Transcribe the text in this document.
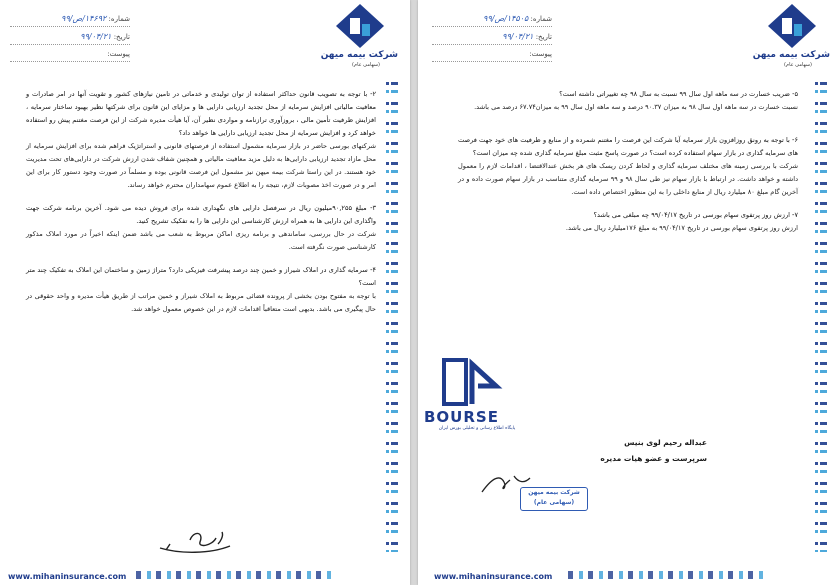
شرکت بیمه میهن
(سهامی عام)
شماره: ۱۴۶۹۲/ص/۹۹
تاریخ: ۹۹/۰۴/۲۱
پیوست:

۲- با توجه به تصویب قانون حداکثر استفاده از توان تولیدی و خدماتی در تامین نیازهای کشور و تقویت آنها در امر صادرات و معافیت مالیاتی افزایش سرمایه از محل تجدید ارزیابی دارایی ها و مزایای این قانون برای شرکتها نظیر بهبود ساختار سرمایه ، افزایش ظرفیت تأمین مالی ، بروزآوری ترازنامه و مواردی نظیر آن، آیا هیأت مدیره شرکت از این فرصت مغتنم پیش رو استفاده خواهد کرد و افزایش سرمایه از محل تجدید ارزیابی دارایی ها خواهد داد؟

شرکتهای بورسی حاضر در بازار سرمایه مشمول استفاده از فرصتهای قانونی و استراتژیک فراهم شده برای افزایش سرمایه از محل مازاد تجدید ارزیابی دارایی‌ها به دلیل مزید معافیت مالیاتی و همچنین شفاف شدن ارزش شرکت در دارایی‌های تحت مدیریت خود هستند. در این راستا شرکت بیمه میهن نیز مشمول این فرصت قانونی بوده و مسلماً در صورت وجود دستور کار برای این امر و در صورت اخذ مصوبات لازم، نتیجه را به اطلاع عموم سهامداران محترم خواهد رساند.

۳- مبلغ ۹۰,۲۵۵میلیون ریال در سرفصل دارایی های نگهداری شده برای فروش دیده می شود. آخرین برنامه شرکت جهت واگذاری این دارایی ها به همراه ارزش کارشناسی این دارایی ها را به تفکیک تشریح کنید.

شرکت در حال بررسی، ساماندهی و برنامه ریزی اماکن مربوط به شعب می باشد ضمن اینکه اخیراً در مورد املاک مذکور کارشناسی صورت نگرفته است.

۴- سرمایه گذاری در املاک شیراز و خمین چند درصد پیشرفت فیزیکی دارد؟ متراژ زمین و ساختمان این املاک به تفکیک چند متر است؟

با توجه به مفتوح بودن بخشی از پرونده قضائی مربوط به املاک شیراز و خمین مراتب از طریق هیأت مدیره و واحد حقوقی در حال پیگیری می باشد. بدیهی است متعاقباً اقدامات لازم در این خصوص معمول خواهد شد.

www.mihaninsurance.com
شرکت بیمه میهن
(سهامی عام)
شماره: ۱۴۵۰۵/ص/۹۹
تاریخ: ۹۹/۰۴/۲۱
پیوست:

۵- ضریب خسارت در سه ماهه اول سال ۹۹ نسبت به سال ۹۸ چه تغییراتی داشته است؟

نسبت خسارت در سه ماهه اول سال ۹۸ به میزان ۹۰.۳۷ درصد و سه ماهه اول سال ۹۹ به میزان۶۷.۷۴ درصد می باشد.

۶- با توجه به رونق روزافزون بازار سرمایه آیا شرکت این فرصت را مغتنم شمرده و از منابع و ظرفیت های خود جهت فرصت های سرمایه گذاری در بازار سهام استفاده کرده است؟ در صورت پاسخ مثبت مبلغ سرمایه گذاری شده چه میزان است؟

شرکت با بررسی زمینه های مختلف سرمایه گذاری و لحاظ کردن ریسک های هر بخش عندالاقتضا ، اقدامات لازم را معمول داشته و خواهد داشت. در ارتباط با بازار سهام نیز طی سال ۹۸ و ۹۹ سرمایه گذاری متناسب در بازار سهام صورت داده و در آخرین گام مبلغ ۸۰ میلیارد ریال از منابع داخلی را به این منظور اختصاص داده است.

۷- ارزش روز پرتفوی سهام بورسی در تاریخ ۹۹/۰۴/۱۷ چه مبلغی می باشد؟

ارزش روز پرتفوی سهام بورسی در تاریخ ۹۹/۰۴/۱۷ به مبلغ ۱۷۶میلیارد ریال می باشد.

www.mihaninsurance.com
BOURSE
پایگاه اطلاع رسانی و تحلیلی بورس ایران
عبداله رحیم لوی بنیس
سرپرست و عضو هیات مدیره
شرکت بیمه میهن
(سهامی عام)
